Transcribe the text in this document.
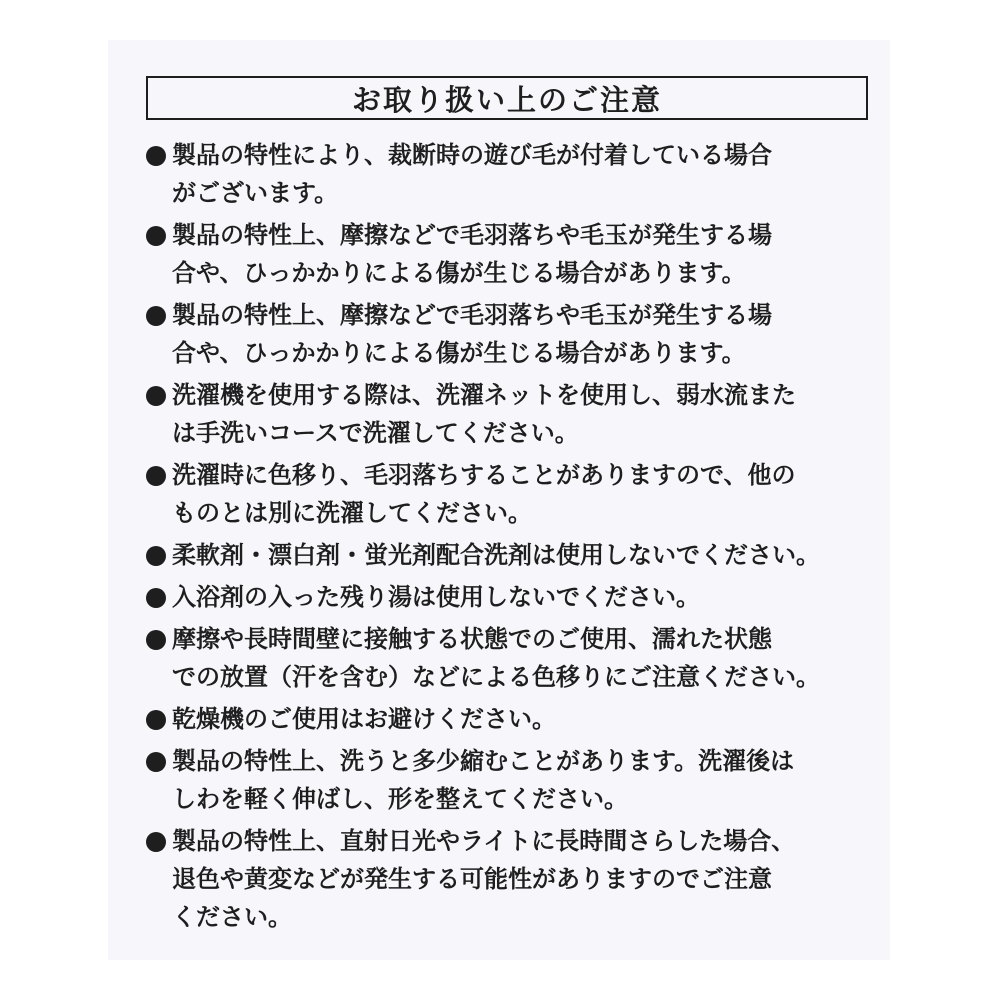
お取り扱い上のご注意
製品の特性により、裁断時の遊び毛が付着している場合
がございます。
製品の特性上、摩擦などで毛羽落ちや毛玉が発生する場
合や、ひっかかりによる傷が生じる場合があります。
製品の特性上、摩擦などで毛羽落ちや毛玉が発生する場
合や、ひっかかりによる傷が生じる場合があります。
洗濯機を使用する際は、洗濯ネットを使用し、弱水流また
は手洗いコースで洗濯してください。
洗濯時に色移り、毛羽落ちすることがありますので、他の
ものとは別に洗濯してください。
柔軟剤・漂白剤・蛍光剤配合洗剤は使用しないでください。
入浴剤の入った残り湯は使用しないでください。
摩擦や長時間壁に接触する状態でのご使用、濡れた状態
での放置（汗を含む）などによる色移りにご注意ください。
乾燥機のご使用はお避けください。
製品の特性上、洗うと多少縮むことがあります。洗濯後は
しわを軽く伸ばし、形を整えてください。
製品の特性上、直射日光やライトに長時間さらした場合、
退色や黄変などが発生する可能性がありますのでご注意
ください。
